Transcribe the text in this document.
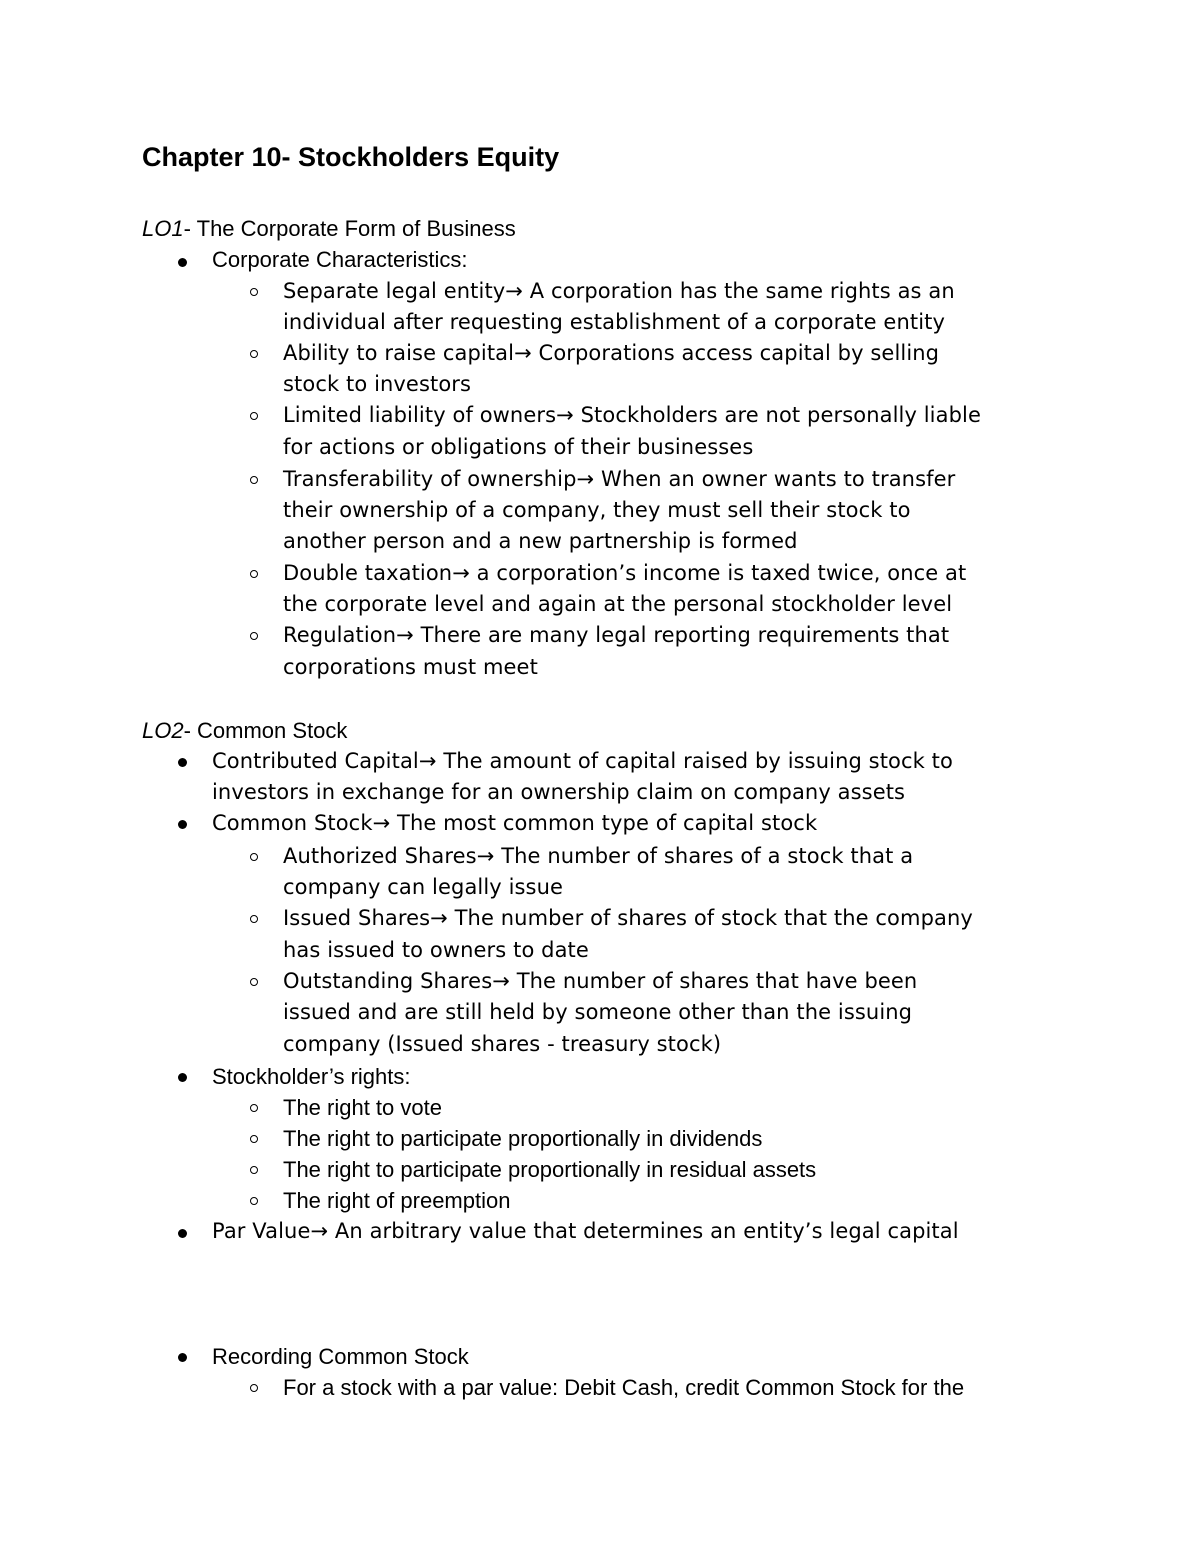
Chapter 10- Stockholders Equity
LO1- The Corporate Form of Business
Corporate Characteristics:
Separate legal entity→ A corporation has the same rights as an
individual after requesting establishment of a corporate entity
Ability to raise capital→ Corporations access capital by selling
stock to investors
Limited liability of owners→ Stockholders are not personally liable
for actions or obligations of their businesses
Transferability of ownership→ When an owner wants to transfer
their ownership of a company, they must sell their stock to
another person and a new partnership is formed
Double taxation→ a corporation’s income is taxed twice, once at
the corporate level and again at the personal stockholder level
Regulation→ There are many legal reporting requirements that
corporations must meet
LO2- Common Stock
Contributed Capital→ The amount of capital raised by issuing stock to
investors in exchange for an ownership claim on company assets
Common Stock→ The most common type of capital stock
Authorized Shares→ The number of shares of a stock that a
company can legally issue
Issued Shares→ The number of shares of stock that the company
has issued to owners to date
Outstanding Shares→ The number of shares that have been
issued and are still held by someone other than the issuing
company (Issued shares - treasury stock)
Stockholder’s rights:
The right to vote
The right to participate proportionally in dividends
The right to participate proportionally in residual assets
The right of preemption
Par Value→ An arbitrary value that determines an entity’s legal capital
Recording Common Stock
For a stock with a par value: Debit Cash, credit Common Stock for the
